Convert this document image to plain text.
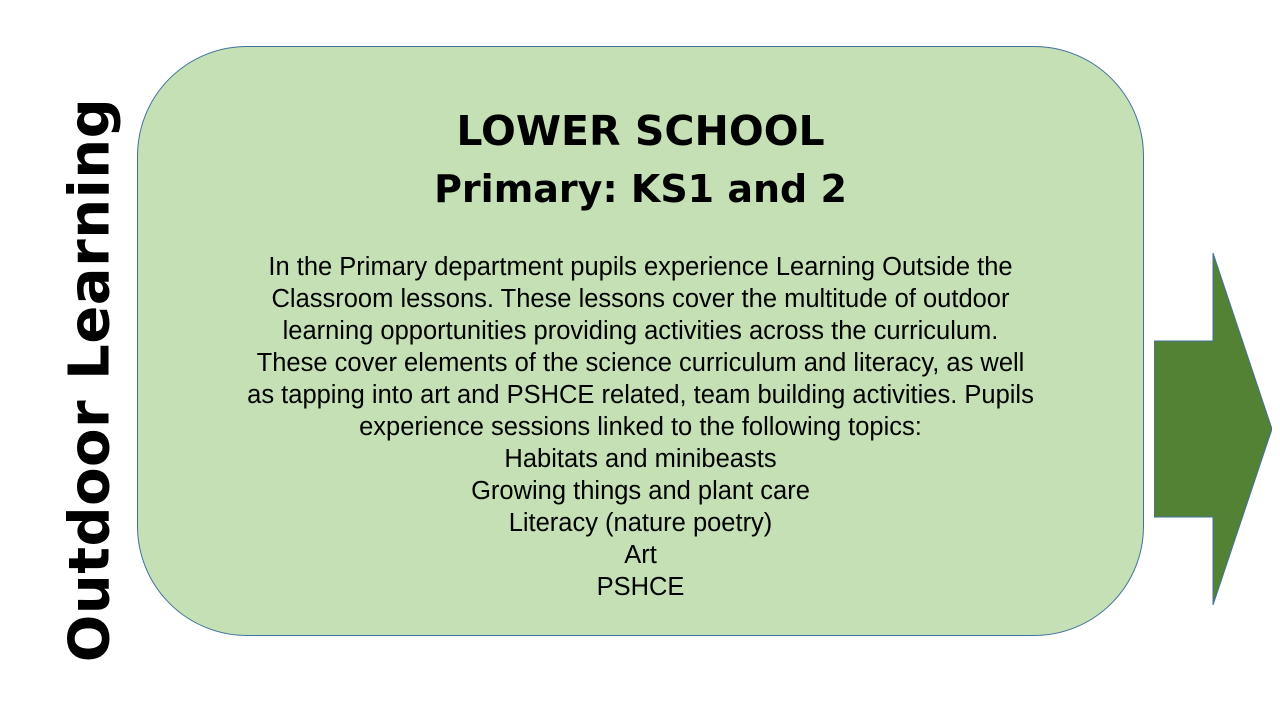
Outdoor Learning	LOWER SCHOOL
Primary: KS1 and 2
In the Primary department pupils experience Learning Outside the
Classroom lessons. These lessons cover the multitude of outdoor
learning opportunities providing activities across the curriculum.
These cover elements of the science curriculum and literacy, as well
as tapping into art and PSHCE related, team building activities. Pupils
experience sessions linked to the following topics:
Habitats and minibeasts
Growing things and plant care
Literacy (nature poetry)
Art
PSHCE
